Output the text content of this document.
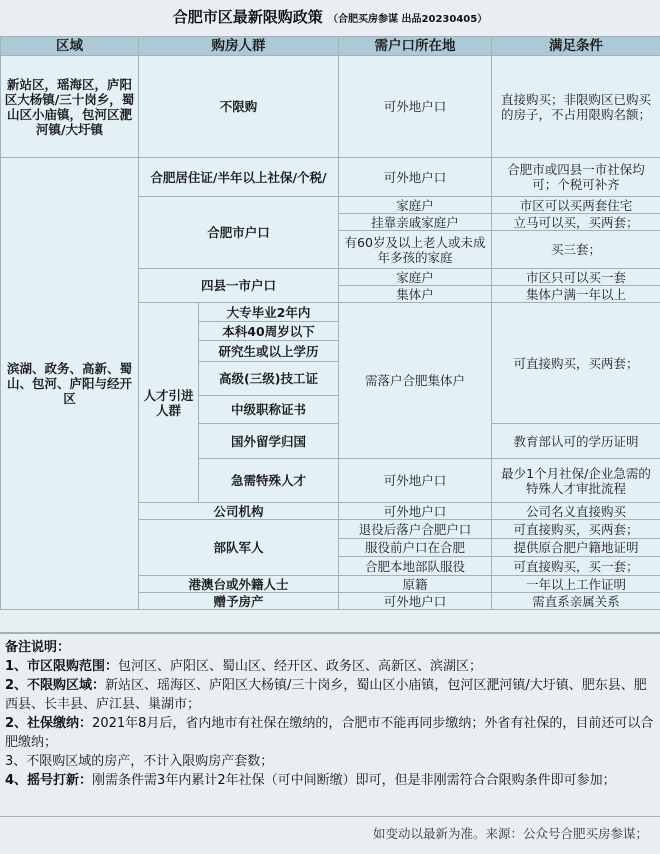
合肥市区最新限购政策 （合肥买房参谋 出品20230405）
区域	购房人群		需户口所在地	满足条件
新站区，瑶海区，庐阳区大杨镇/三十岗乡，蜀山区小庙镇，包河区淝河镇/大圩镇	不限购		可外地户口	直接购买；非限购区已购买的房子，不占用限购名额；
滨湖、政务、高新、蜀山、包河、庐阳与经开区	合肥居住证/半年以上社保/个税/		可外地户口	合肥市或四县一市社保均可；个税可补齐
	合肥市户口		家庭户	市区可以买两套住宅
			挂靠亲戚家庭户	立马可以买，买两套；
			有60岁及以上老人或未成年多孩的家庭	买三套；
	四县一市户口		家庭户	市区只可以买一套
			集体户	集体户满一年以上
	人才引进人群	大专毕业2年内	需落户合肥集体户	可直接购买，买两套；
		本科40周岁以下		
		研究生或以上学历		
		高级(三级)技工证		
		中级职称证书		
		国外留学归国		教育部认可的学历证明
		急需特殊人才	可外地户口	最少1个月社保/企业急需的特殊人才审批流程
	公司机构		可外地户口	公司名义直接购买
	部队军人		退役后落户合肥户口	可直接购买，买两套；
			服役前户口在合肥	提供原合肥户籍地证明
			合肥本地部队服役	可直接购买，买一套；
	港澳台或外籍人士		原籍	一年以上工作证明
	赠予房产		可外地户口	需直系亲属关系

备注说明：

1、市区限购范围：包河区、庐阳区、蜀山区、经开区、政务区、高新区、滨湖区；

2、不限购区域：新站区、瑶海区、庐阳区大杨镇/三十岗乡，蜀山区小庙镇，包河区淝河镇/大圩镇、肥东县、肥西县、长丰县、庐江县、巢湖市；

2、社保缴纳：2021年8月后，省内地市有社保在缴纳的，合肥市不能再同步缴纳；外省有社保的，目前还可以合肥缴纳；

3、不限购区域的房产，不计入限购房产套数；

4、摇号打新：刚需条件需3年内累计2年社保（可中间断缴）即可，但是非刚需符合合限购条件即可参加；

如变动以最新为准。来源：公众号合肥买房参谋；
